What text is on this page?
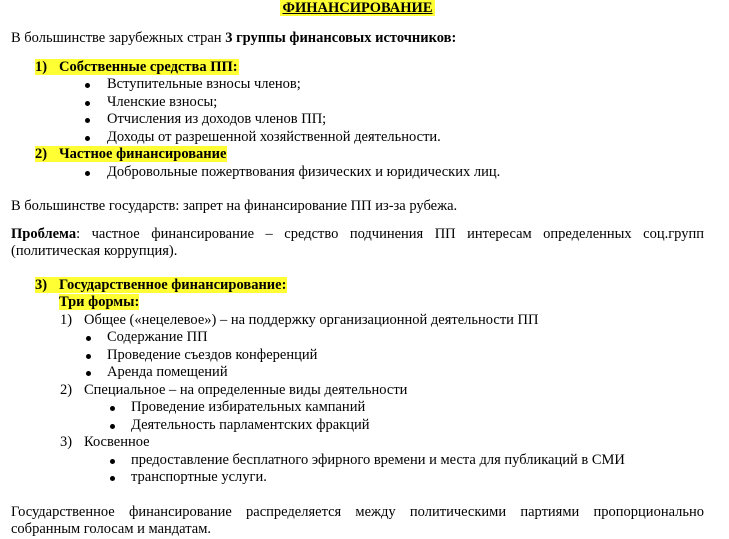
ФИНАНСИРОВАНИЕ

В большинстве зарубежных стран 3 группы финансовых источников:

1) Собственные средства ПП:
Вступительные взносы членов;
Членские взносы;
Отчисления из доходов членов ПП;
Доходы от разрешенной хозяйственной деятельности.
2) Частное финансирование
Добровольные пожертвования физических и юридических лиц.

В большинстве государств: запрет на финансирование ПП из-за рубежа.

Проблема: частное финансирование – средство подчинения ПП интересам определенных соц.групп (политическая коррупция).

3) Государственное финансирование:
Три формы:
1) Общее («нецелевое») – на поддержку организационной деятельности ПП
Содержание ПП
Проведение съездов конференций
Аренда помещений
2) Специальное – на определенные виды деятельности
Проведение избирательных кампаний
Деятельность парламентских фракций
3) Косвенное
предоставление бесплатного эфирного времени и места для публикаций в СМИ
транспортные услуги.

Государственное финансирование распределяется между политическими партиями пропорционально собранным голосам и мандатам.
